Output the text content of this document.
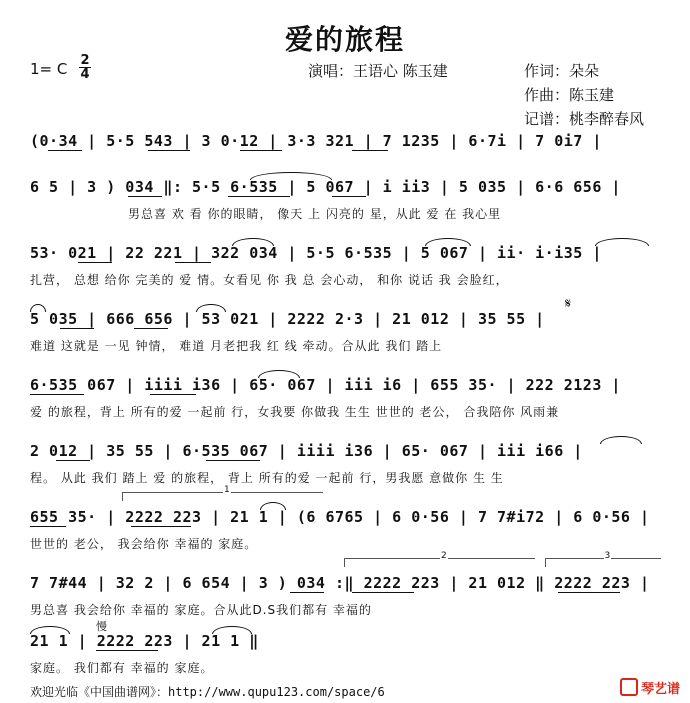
爱的旅程
1= C 2
4	演唱：王语心 陈玉建	作词：朵朵
作曲：陈玉建
记谱：桃李醉春风
(0·34 | 5·5 543 | 3 0·12 | 3·3 321 | 7 1235 | 6·7i | 7 0i7 |
6 5 | 3 ) 034 ‖: 5·5 6·535 | 5 067 | i ii3 | 5 035 | 6·6 656 |
男总喜 欢 看 你的眼睛， 像天 上 闪亮的 星，从此 爱 在 我心里
53· 021 | 22 221 | 322 034 | 5·5 6·535 | 5 067 | ii· i·i35 |
扎营， 总想 给你 完美的 爱 情。女看见 你 我 总 会心动， 和你 说话 我 会脸红，
5 035 | 666 656 | 53 021 | 2222 2·3 | 21 012 | 35 55 |
难道 这就是 一见 钟情， 难道 月老把我 红 线 牵动。合从此 我们 踏上
𝄋
6·535 067 | iiii i36 | 65· 067 | iii i6 | 655 35· | 222 2123 |
爱 的旅程，背上 所有的爱 一起前 行，女我要 你做我 生生 世世的 老公， 合我陪你 风雨兼
2 012 | 35 55 | 6·535 067 | iiii i36 | 65· 067 | iii i66 |
程。 从此 我们 踏上 爱 的旅程， 背上 所有的爱 一起前 行，男我愿 意做你 生 生
1
655 35· | 2222 223 | 21 1 | (6 6765 | 6 0·56 | 7 7#i72 | 6 0·56 |
世世的 老公， 我会给你 幸福的 家庭。
2	3
7 7#44 | 32 2 | 6 654 | 3 ) 034 :‖ 2222 223 | 21 012 ‖ 2222 223 |
男总喜 我会给你 幸福的 家庭。合从此D.S我们都有 幸福的
慢
21 1 | 2222 223 | 21 1 ‖
家庭。 我们都有 幸福的 家庭。
欢迎光临《中国曲谱网》：http://www.qupu123.com/space/6	琴艺谱
